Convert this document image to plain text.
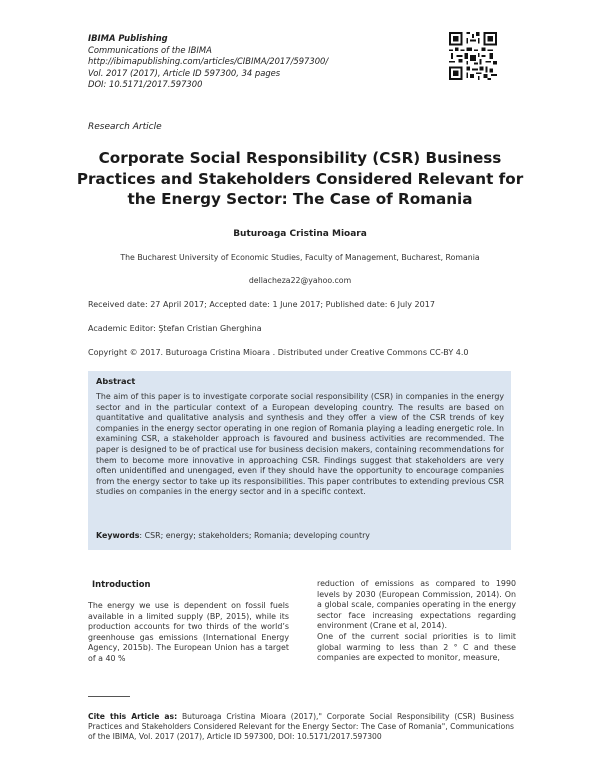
IBIMA Publishing
Communications of the IBIMA
http://ibimapublishing.com/articles/CIBIMA/2017/597300/
Vol. 2017 (2017), Article ID 597300, 34 pages
DOI: 10.5171/2017.597300
Research Article
Corporate Social Responsibility (CSR) Business
Practices and Stakeholders Considered Relevant for
the Energy Sector: The Case of Romania
Buturoaga Cristina Mioara
The Bucharest University of Economic Studies, Faculty of Management, Bucharest, Romania
dellacheza22@yahoo.com
Received date: 27 April 2017; Accepted date: 1 June 2017; Published date: 6 July 2017
Academic Editor: Ştefan Cristian Gherghina
Copyright © 2017. Buturoaga Cristina Mioara . Distributed under Creative Commons CC-BY 4.0
Abstract
The aim of this paper is to investigate corporate social responsibility (CSR) in companies in the energy sector and in the particular context of a European developing country. The results are based on quantitative and qualitative analysis and synthesis and they offer a view of the CSR trends of key companies in the energy sector operating in one region of Romania playing a leading energetic role. In examining CSR, a stakeholder approach is favoured and business activities are recommended. The paper is designed to be of practical use for business decision makers, containing recommendations for them to become more innovative in approaching CSR. Findings suggest that stakeholders are very often unidentified and unengaged, even if they should have the opportunity to encourage companies from the energy sector to take up its responsibilities. This paper contributes to extending previous CSR studies on companies in the energy sector and in a specific context.
Keywords: CSR; energy; stakeholders; Romania; developing country
Introduction
The energy we use is dependent on fossil fuels available in a limited supply (BP, 2015), while its production accounts for two thirds of the world’s greenhouse gas emissions (International Energy Agency, 2015b). The European Union has a target of a 40 %
reduction of emissions as compared to 1990 levels by 2030 (European Commission, 2014). On a global scale, companies operating in the energy sector face increasing expectations regarding environment (Crane et al, 2014).
One of the current social priorities is to limit global warming to less than 2 ° C and these companies are expected to monitor, measure,
Cite this Article as: Buturoaga Cristina Mioara (2017)," Corporate Social Responsibility (CSR) Business Practices and Stakeholders Considered Relevant for the Energy Sector: The Case of Romania", Communications of the IBIMA, Vol. 2017 (2017), Article ID 597300, DOI: 10.5171/2017.597300
